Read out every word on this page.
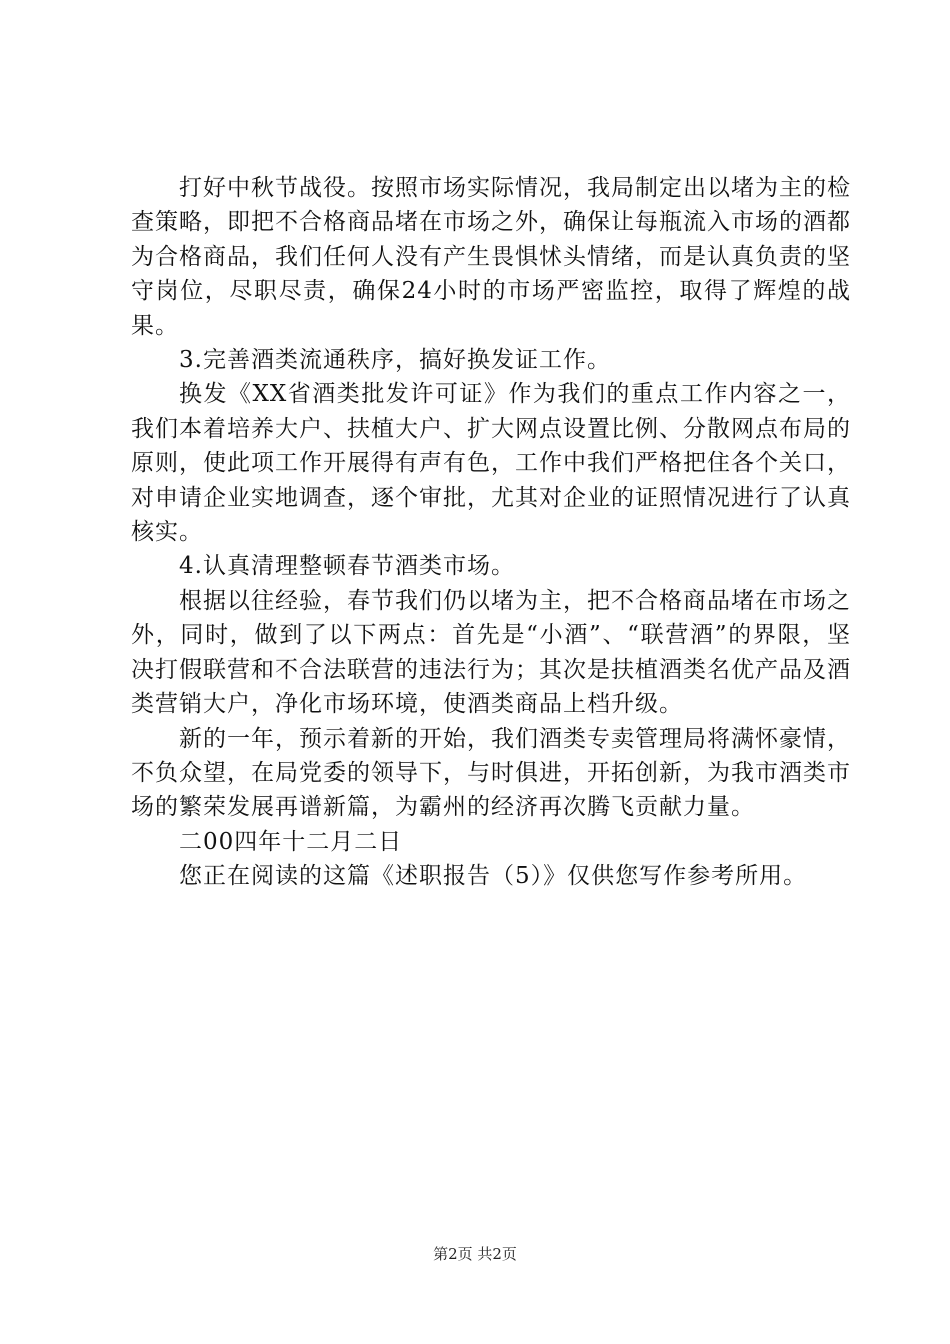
打好中秋节战役。按照市场实际情况，我局制定出以堵为主的检查策略，即把不合格商品堵在市场之外，确保让每瓶流入市场的酒都为合格商品，我们任何人没有产生畏惧怵头情绪，而是认真负责的坚守岗位，尽职尽责，确保24小时的市场严密监控，取得了辉煌的战果。

3.完善酒类流通秩序，搞好换发证工作。

换发《XX省酒类批发许可证》作为我们的重点工作内容之一，我们本着培养大户、扶植大户、扩大网点设置比例、分散网点布局的原则，使此项工作开展得有声有色，工作中我们严格把住各个关口，对申请企业实地调查，逐个审批，尤其对企业的证照情况进行了认真核实。

4.认真清理整顿春节酒类市场。

根据以往经验，春节我们仍以堵为主，把不合格商品堵在市场之外，同时，做到了以下两点：首先是“小酒”、“联营酒”的界限，坚决打假联营和不合法联营的违法行为；其次是扶植酒类名优产品及酒类营销大户，净化市场环境，使酒类商品上档升级。

新的一年，预示着新的开始，我们酒类专卖管理局将满怀豪情，不负众望，在局党委的领导下，与时俱进，开拓创新，为我市酒类市场的繁荣发展再谱新篇，为霸州的经济再次腾飞贡献力量。

二00四年十二月二日

您正在阅读的这篇《述职报告（5）》仅供您写作参考所用。

第2页 共2页
